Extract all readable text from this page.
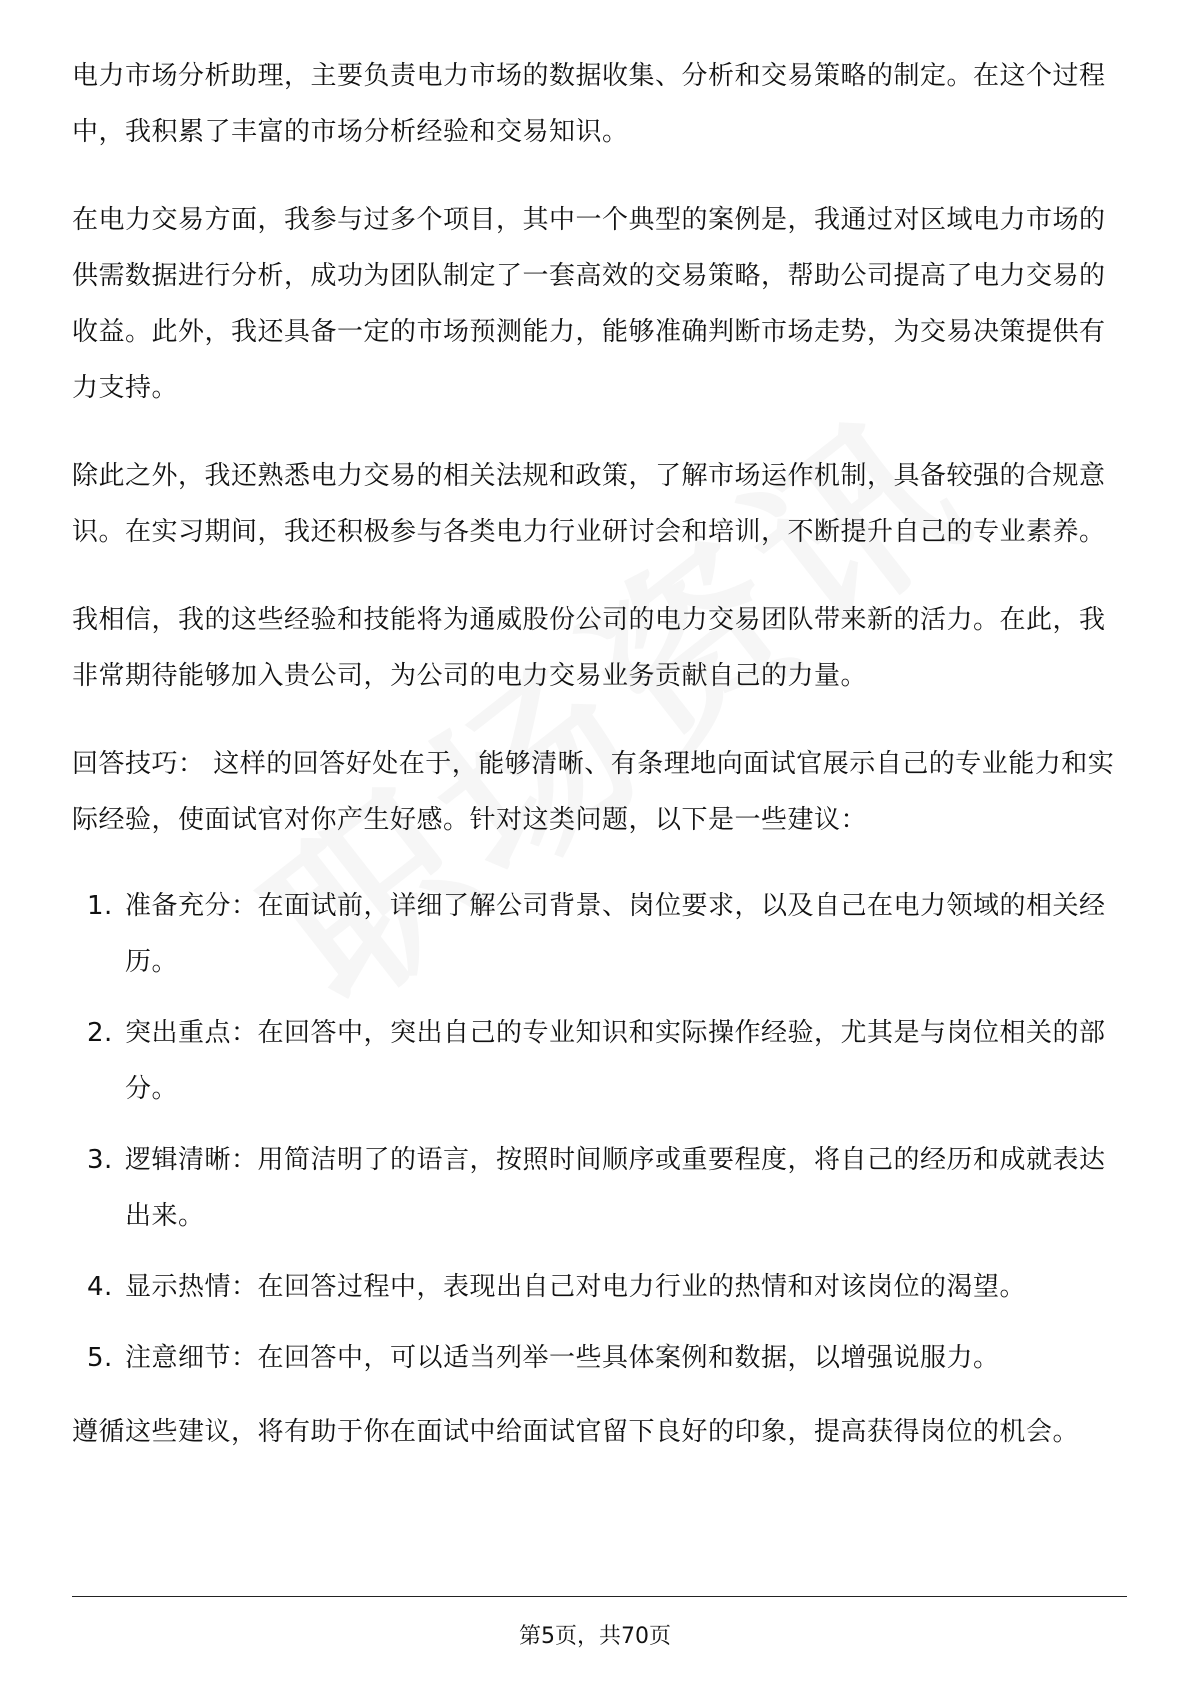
电力市场分析助理，主要负责电力市场的数据收集、分析和交易策略的制定。在这个过程中，我积累了丰富的市场分析经验和交易知识。

在电力交易方面，我参与过多个项目，其中一个典型的案例是，我通过对区域电力市场的供需数据进行分析，成功为团队制定了一套高效的交易策略，帮助公司提高了电力交易的收益。此外，我还具备一定的市场预测能力，能够准确判断市场走势，为交易决策提供有力支持。

除此之外，我还熟悉电力交易的相关法规和政策，了解市场运作机制，具备较强的合规意识。在实习期间，我还积极参与各类电力行业研讨会和培训，不断提升自己的专业素养。

我相信，我的这些经验和技能将为通威股份公司的电力交易团队带来新的活力。在此，我非常期待能够加入贵公司，为公司的电力交易业务贡献自己的力量。

回答技巧： 这样的回答好处在于，能够清晰、有条理地向面试官展示自己的专业能力和实际经验，使面试官对你产生好感。针对这类问题，以下是一些建议：

1. 准备充分：在面试前，详细了解公司背景、岗位要求，以及自己在电力领域的相关经历。
2. 突出重点：在回答中，突出自己的专业知识和实际操作经验，尤其是与岗位相关的部分。
3. 逻辑清晰：用简洁明了的语言，按照时间顺序或重要程度，将自己的经历和成就表达出来。
4. 显示热情：在回答过程中，表现出自己对电力行业的热情和对该岗位的渴望。
5. 注意细节：在回答中，可以适当列举一些具体案例和数据，以增强说服力。

遵循这些建议，将有助于你在面试中给面试官留下良好的印象，提高获得岗位的机会。

第5页，共70页
